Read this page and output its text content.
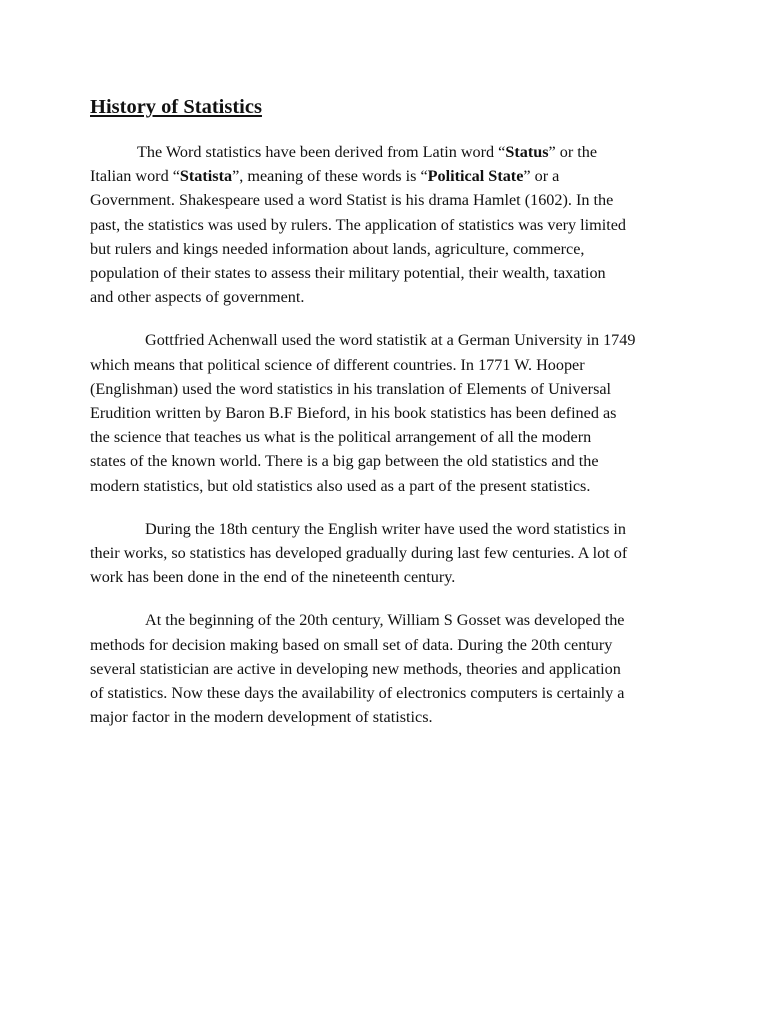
History of Statistics

The Word statistics have been derived from Latin word “Status” or the
Italian word “Statista”, meaning of these words is “Political State” or a
Government. Shakespeare used a word Statist is his drama Hamlet (1602). In the
past, the statistics was used by rulers. The application of statistics was very limited
but rulers and kings needed information about lands, agriculture, commerce,
population of their states to assess their military potential, their wealth, taxation
and other aspects of government.

Gottfried Achenwall used the word statistik at a German University in 1749
which means that political science of different countries. In 1771 W. Hooper
(Englishman) used the word statistics in his translation of Elements of Universal
Erudition written by Baron B.F Bieford, in his book statistics has been defined as
the science that teaches us what is the political arrangement of all the modern
states of the known world. There is a big gap between the old statistics and the
modern statistics, but old statistics also used as a part of the present statistics.

During the 18th century the English writer have used the word statistics in
their works, so statistics has developed gradually during last few centuries. A lot of
work has been done in the end of the nineteenth century.

At the beginning of the 20th century, William S Gosset was developed the
methods for decision making based on small set of data. During the 20th century
several statistician are active in developing new methods, theories and application
of statistics. Now these days the availability of electronics computers is certainly a
major factor in the modern development of statistics.
